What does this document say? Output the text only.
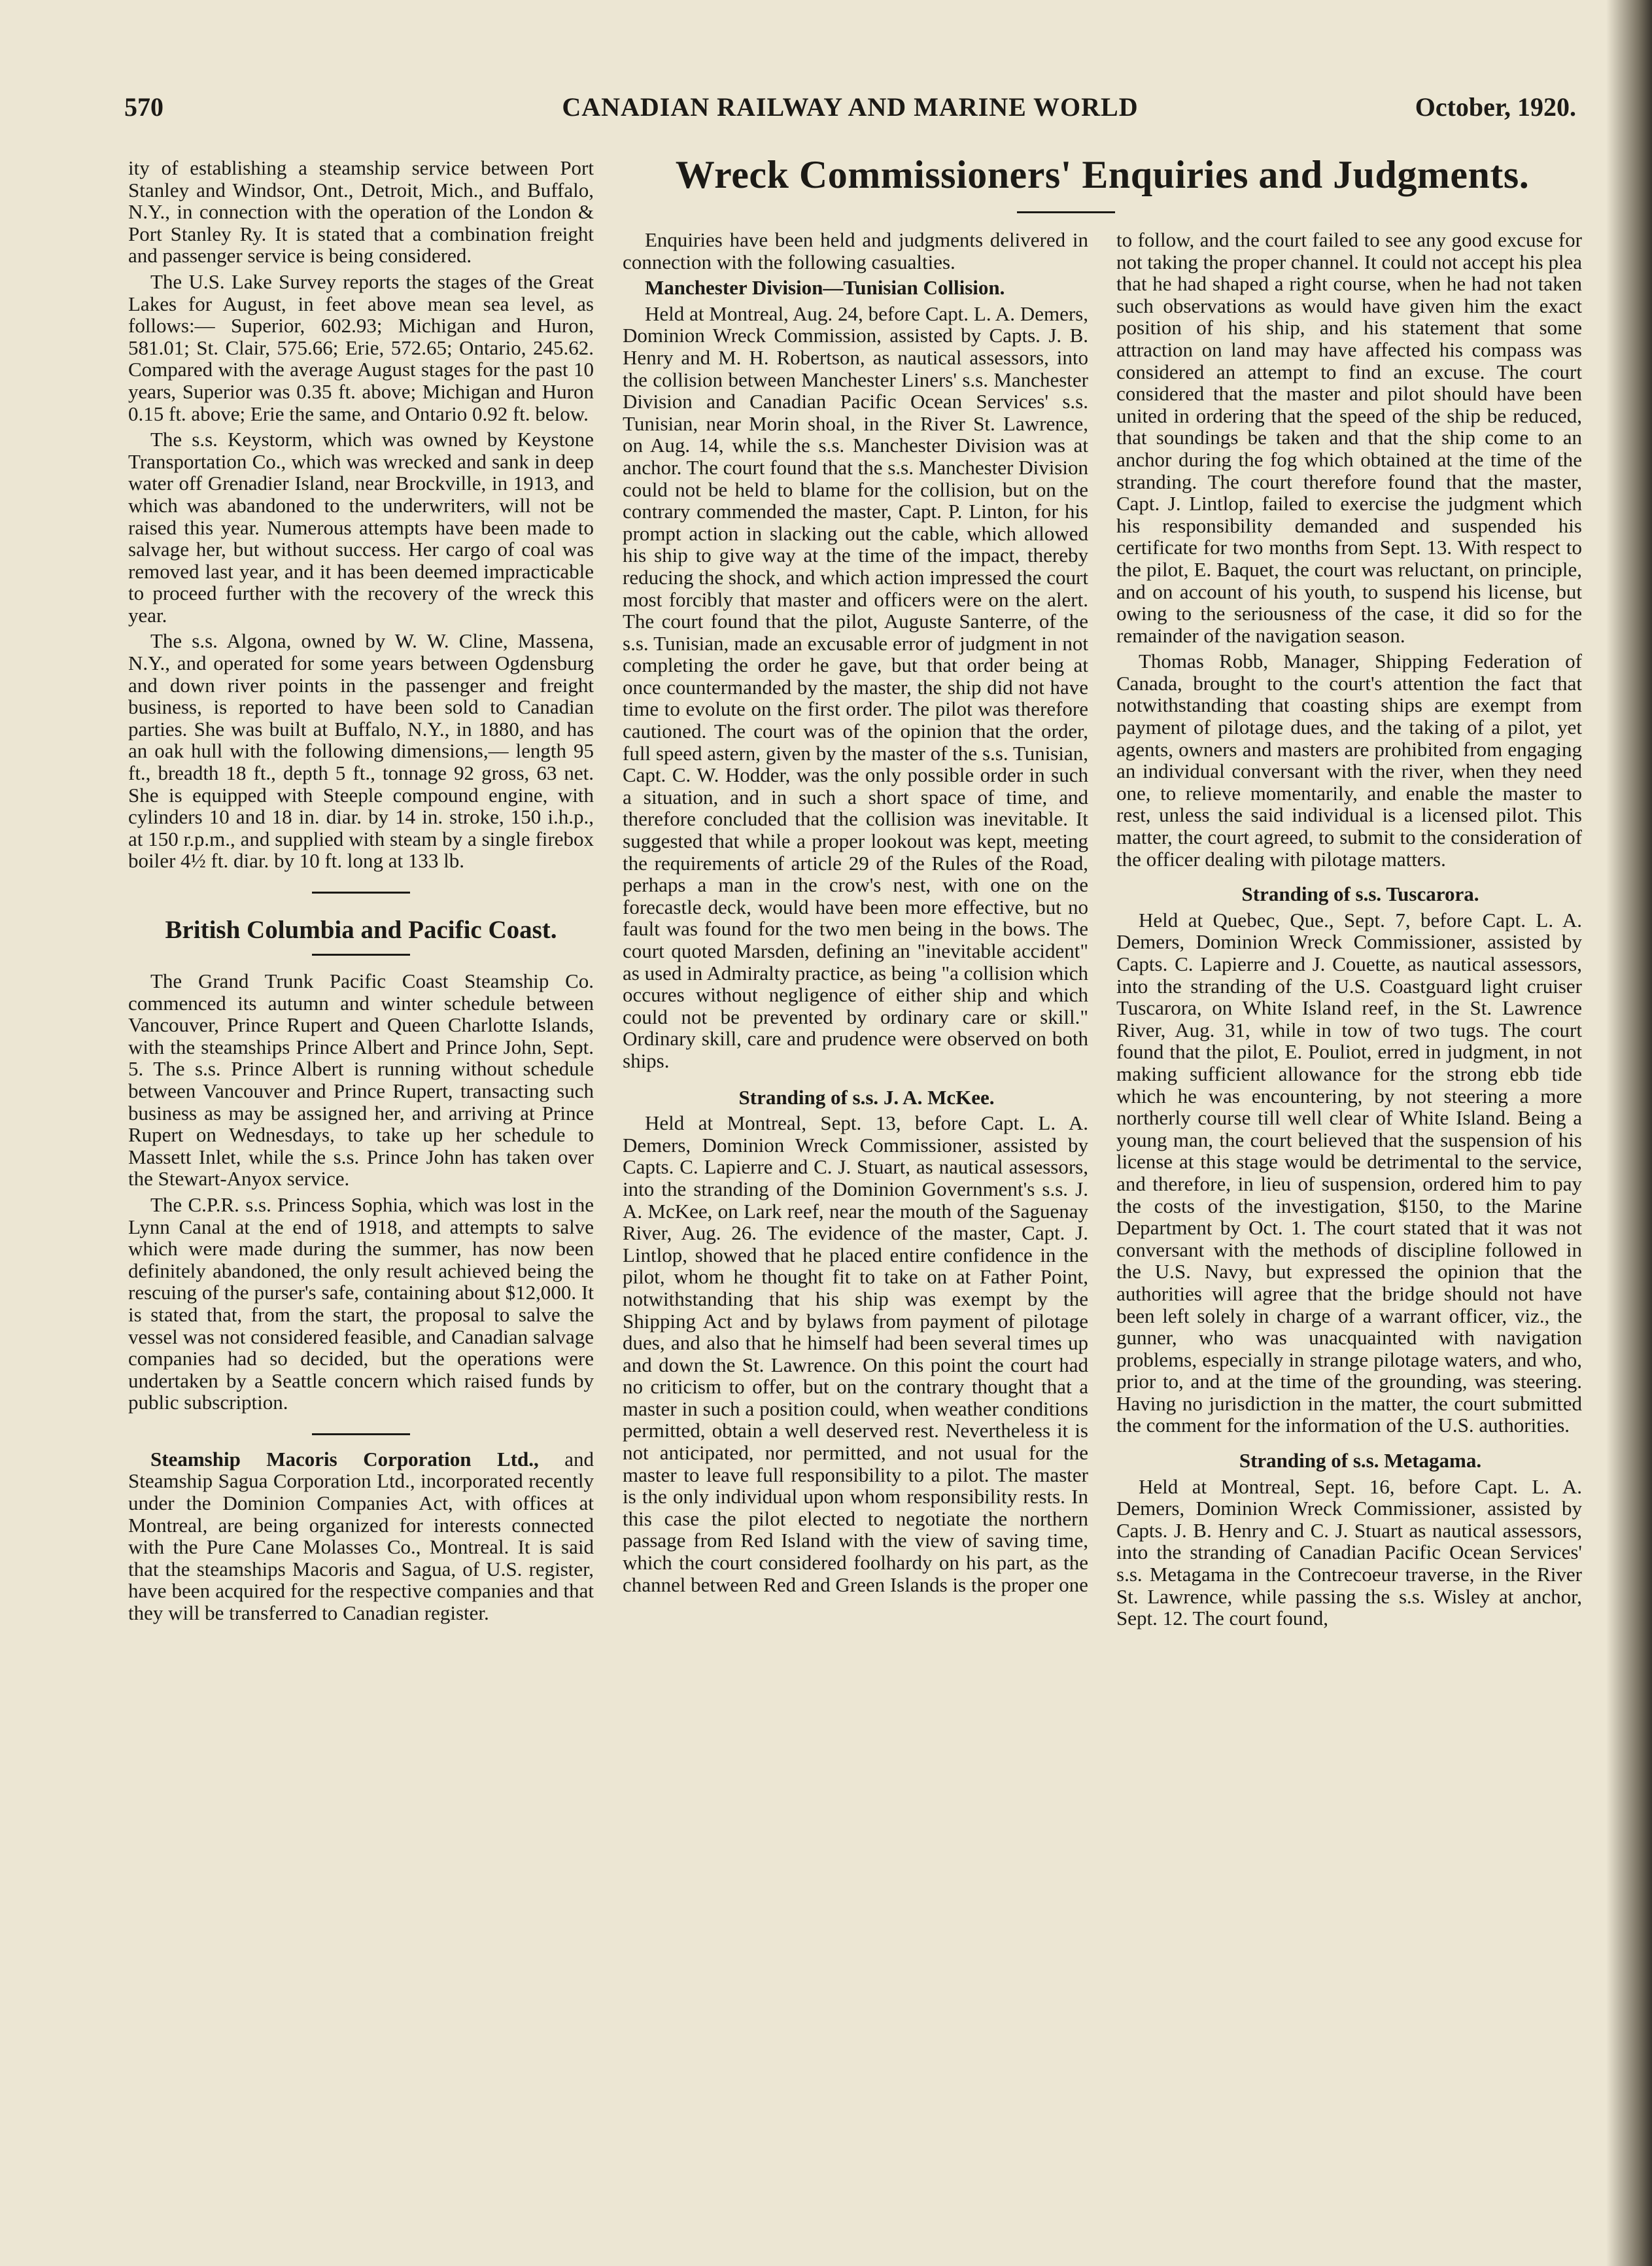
570	CANADIAN RAILWAY AND MARINE WORLD	October, 1920.

ity of establishing a steamship service between Port Stanley and Windsor, Ont., Detroit, Mich., and Buffalo, N.Y., in connection with the operation of the London & Port Stanley Ry. It is stated that a combination freight and passenger service is being considered.

The U.S. Lake Survey reports the stages of the Great Lakes for August, in feet above mean sea level, as follows:— Superior, 602.93; Michigan and Huron, 581.01; St. Clair, 575.66; Erie, 572.65; Ontario, 245.62. Compared with the average August stages for the past 10 years, Superior was 0.35 ft. above; Michigan and Huron 0.15 ft. above; Erie the same, and Ontario 0.92 ft. below.

The s.s. Keystorm, which was owned by Keystone Transportation Co., which was wrecked and sank in deep water off Grenadier Island, near Brockville, in 1913, and which was abandoned to the underwriters, will not be raised this year. Numerous attempts have been made to salvage her, but without success. Her cargo of coal was removed last year, and it has been deemed impracticable to proceed further with the recovery of the wreck this year.

The s.s. Algona, owned by W. W. Cline, Massena, N.Y., and operated for some years between Ogdensburg and down river points in the passenger and freight business, is reported to have been sold to Canadian parties. She was built at Buffalo, N.Y., in 1880, and has an oak hull with the following dimensions,— length 95 ft., breadth 18 ft., depth 5 ft., tonnage 92 gross, 63 net. She is equipped with Steeple compound engine, with cylinders 10 and 18 in. diar. by 14 in. stroke, 150 i.h.p., at 150 r.p.m., and supplied with steam by a single firebox boiler 4½ ft. diar. by 10 ft. long at 133 lb.

British Columbia and Pacific Coast.

The Grand Trunk Pacific Coast Steamship Co. commenced its autumn and winter schedule between Vancouver, Prince Rupert and Queen Charlotte Islands, with the steamships Prince Albert and Prince John, Sept. 5. The s.s. Prince Albert is running without schedule between Vancouver and Prince Rupert, transacting such business as may be assigned her, and arriving at Prince Rupert on Wednesdays, to take up her schedule to Massett Inlet, while the s.s. Prince John has taken over the Stewart-Anyox service.

The C.P.R. s.s. Princess Sophia, which was lost in the Lynn Canal at the end of 1918, and attempts to salve which were made during the summer, has now been definitely abandoned, the only result achieved being the rescuing of the purser's safe, containing about $12,000. It is stated that, from the start, the proposal to salve the vessel was not considered feasible, and Canadian salvage companies had so decided, but the operations were undertaken by a Seattle concern which raised funds by public subscription.

Steamship Macoris Corporation Ltd., and Steamship Sagua Corporation Ltd., incorporated recently under the Dominion Companies Act, with offices at Montreal, are being organized for interests connected with the Pure Cane Molasses Co., Montreal. It is said that the steamships Macoris and Sagua, of U.S. register, have been acquired for the respective companies and that they will be transferred to Canadian register.

Wreck Commissioners' Enquiries and Judgments.

Enquiries have been held and judgments delivered in connection with the following casualties.

Manchester Division—Tunisian Collision.

Held at Montreal, Aug. 24, before Capt. L. A. Demers, Dominion Wreck Commission, assisted by Capts. J. B. Henry and M. H. Robertson, as nautical assessors, into the collision between Manchester Liners' s.s. Manchester Division and Canadian Pacific Ocean Services' s.s. Tunisian, near Morin shoal, in the River St. Lawrence, on Aug. 14, while the s.s. Manchester Division was at anchor. The court found that the s.s. Manchester Division could not be held to blame for the collision, but on the contrary commended the master, Capt. P. Linton, for his prompt action in slacking out the cable, which allowed his ship to give way at the time of the impact, thereby reducing the shock, and which action impressed the court most forcibly that master and officers were on the alert. The court found that the pilot, Auguste Santerre, of the s.s. Tunisian, made an excusable error of judgment in not completing the order he gave, but that order being at once countermanded by the master, the ship did not have time to evolute on the first order. The pilot was therefore cautioned. The court was of the opinion that the order, full speed astern, given by the master of the s.s. Tunisian, Capt. C. W. Hodder, was the only possible order in such a situation, and in such a short space of time, and therefore concluded that the collision was inevitable. It suggested that while a proper lookout was kept, meeting the requirements of article 29 of the Rules of the Road, perhaps a man in the crow's nest, with one on the forecastle deck, would have been more effective, but no fault was found for the two men being in the bows. The court quoted Marsden, defining an "inevitable accident" as used in Admiralty practice, as being "a collision which occures without negligence of either ship and which could not be prevented by ordinary care or skill." Ordinary skill, care and prudence were observed on both ships.

Stranding of s.s. J. A. McKee.

Held at Montreal, Sept. 13, before Capt. L. A. Demers, Dominion Wreck Commissioner, assisted by Capts. C. Lapierre and C. J. Stuart, as nautical assessors, into the stranding of the Dominion Government's s.s. J. A. McKee, on Lark reef, near the mouth of the Saguenay River, Aug. 26. The evidence of the master, Capt. J. Lintlop, showed that he placed entire confidence in the pilot, whom he thought fit to take on at Father Point, notwithstanding that his ship was exempt by the Shipping Act and by bylaws from payment of pilotage dues, and also that he himself had been several times up and down the St. Lawrence. On this point the court had no criticism to offer, but on the contrary thought that a master in such a position could, when weather conditions permitted, obtain a well deserved rest. Nevertheless it is not anticipated, nor permitted, and not usual for the master to leave full responsibility to a pilot. The master is the only individual upon whom responsibility rests. In this case the pilot elected to negotiate the northern passage from Red Island with the view of saving time, which the court considered foolhardy on his part, as the channel between Red and Green Islands is the proper one

to follow, and the court failed to see any good excuse for not taking the proper channel. It could not accept his plea that he had shaped a right course, when he had not taken such observations as would have given him the exact position of his ship, and his statement that some attraction on land may have affected his compass was considered an attempt to find an excuse. The court considered that the master and pilot should have been united in ordering that the speed of the ship be reduced, that soundings be taken and that the ship come to an anchor during the fog which obtained at the time of the stranding. The court therefore found that the master, Capt. J. Lintlop, failed to exercise the judgment which his responsibility demanded and suspended his certificate for two months from Sept. 13. With respect to the pilot, E. Baquet, the court was reluctant, on principle, and on account of his youth, to suspend his license, but owing to the seriousness of the case, it did so for the remainder of the navigation season.

Thomas Robb, Manager, Shipping Federation of Canada, brought to the court's attention the fact that notwithstanding that coasting ships are exempt from payment of pilotage dues, and the taking of a pilot, yet agents, owners and masters are prohibited from engaging an individual conversant with the river, when they need one, to relieve momentarily, and enable the master to rest, unless the said individual is a licensed pilot. This matter, the court agreed, to submit to the consideration of the officer dealing with pilotage matters.

Stranding of s.s. Tuscarora.

Held at Quebec, Que., Sept. 7, before Capt. L. A. Demers, Dominion Wreck Commissioner, assisted by Capts. C. Lapierre and J. Couette, as nautical assessors, into the stranding of the U.S. Coastguard light cruiser Tuscarora, on White Island reef, in the St. Lawrence River, Aug. 31, while in tow of two tugs. The court found that the pilot, E. Pouliot, erred in judgment, in not making sufficient allowance for the strong ebb tide which he was encountering, by not steering a more northerly course till well clear of White Island. Being a young man, the court believed that the suspension of his license at this stage would be detrimental to the service, and therefore, in lieu of suspension, ordered him to pay the costs of the investigation, $150, to the Marine Department by Oct. 1. The court stated that it was not conversant with the methods of discipline followed in the U.S. Navy, but expressed the opinion that the authorities will agree that the bridge should not have been left solely in charge of a warrant officer, viz., the gunner, who was unacquainted with navigation problems, especially in strange pilotage waters, and who, prior to, and at the time of the grounding, was steering. Having no jurisdiction in the matter, the court submitted the comment for the information of the U.S. authorities.

Stranding of s.s. Metagama.

Held at Montreal, Sept. 16, before Capt. L. A. Demers, Dominion Wreck Commissioner, assisted by Capts. J. B. Henry and C. J. Stuart as nautical assessors, into the stranding of Canadian Pacific Ocean Services' s.s. Metagama in the Contrecoeur traverse, in the River St. Lawrence, while passing the s.s. Wisley at anchor, Sept. 12. The court found,
